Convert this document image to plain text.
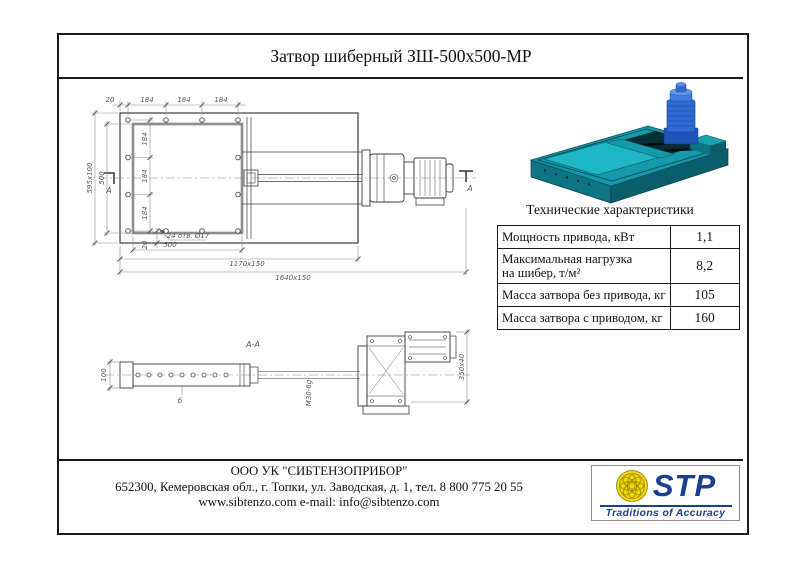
Затвор шиберный ЗШ-500х500-МР
20	184	184	184
595х100 500
184
184
184
20
24 отв. Ø17
500
1170х150
1640х150
А	А
А-А
100	350х40
М30-6g
б
Технические характеристики
Мощность привода, кВт	1,1

Максимальная нагрузка
на шибер, т/м²	8,2
Масса затвора без привода, кг	105
Масса затвора с приводом, кг	160
ООО УК "СИБТЕНЗОПРИБОР"
652300, Кемеровская обл., г. Топки, ул. Заводская, д. 1, тел. 8 800 775 20 55
www.sibtenzo.com e-mail: info@sibtenzo.com	STP
Traditions of Accuracy
